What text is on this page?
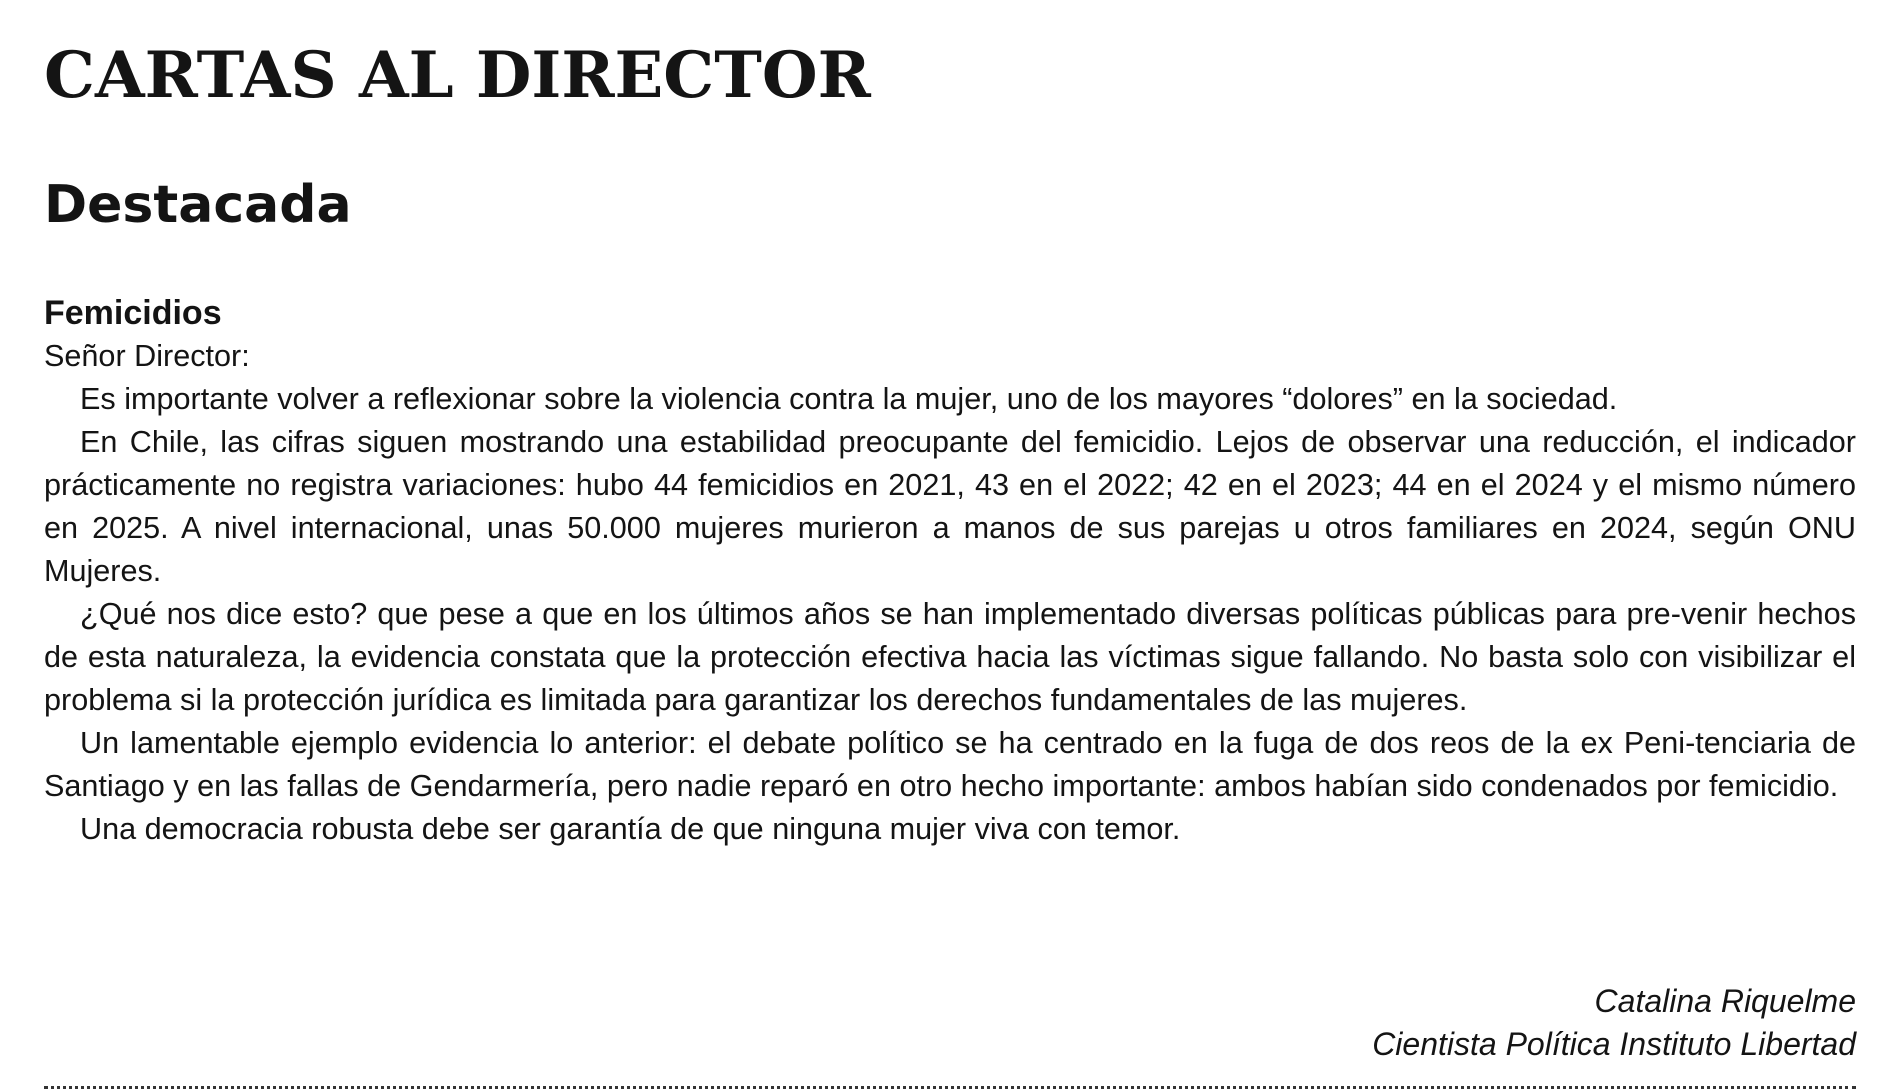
CARTAS AL DIRECTOR
Destacada
Femicidios

Señor Director:

Es importante volver a reflexionar sobre la violencia contra la mujer, uno de los mayores “dolores” en la sociedad.

En Chile, las cifras siguen mostrando una estabilidad preocupante del femicidio. Lejos de observar una reducción, el indicador prácticamente no registra variaciones: hubo 44 femicidios en 2021, 43 en el 2022; 42 en el 2023; 44 en el 2024 y el mismo número en 2025. A nivel internacional, unas 50.000 mujeres murieron a manos de sus parejas u otros familiares en 2024, según ONU Mujeres.

¿Qué nos dice esto? que pese a que en los últimos años se han implementado diversas políticas públicas para pre-venir hechos de esta naturaleza, la evidencia constata que la protección efectiva hacia las víctimas sigue fallando. No basta solo con visibilizar el problema si la protección jurídica es limitada para garantizar los derechos fundamentales de las mujeres.

Un lamentable ejemplo evidencia lo anterior: el debate político se ha centrado en la fuga de dos reos de la ex Peni-tenciaria de Santiago y en las fallas de Gendarmería, pero nadie reparó en otro hecho importante: ambos habían sido condenados por femicidio.

Una democracia robusta debe ser garantía de que ninguna mujer viva con temor.

Catalina Riquelme
Cientista Política Instituto Libertad
